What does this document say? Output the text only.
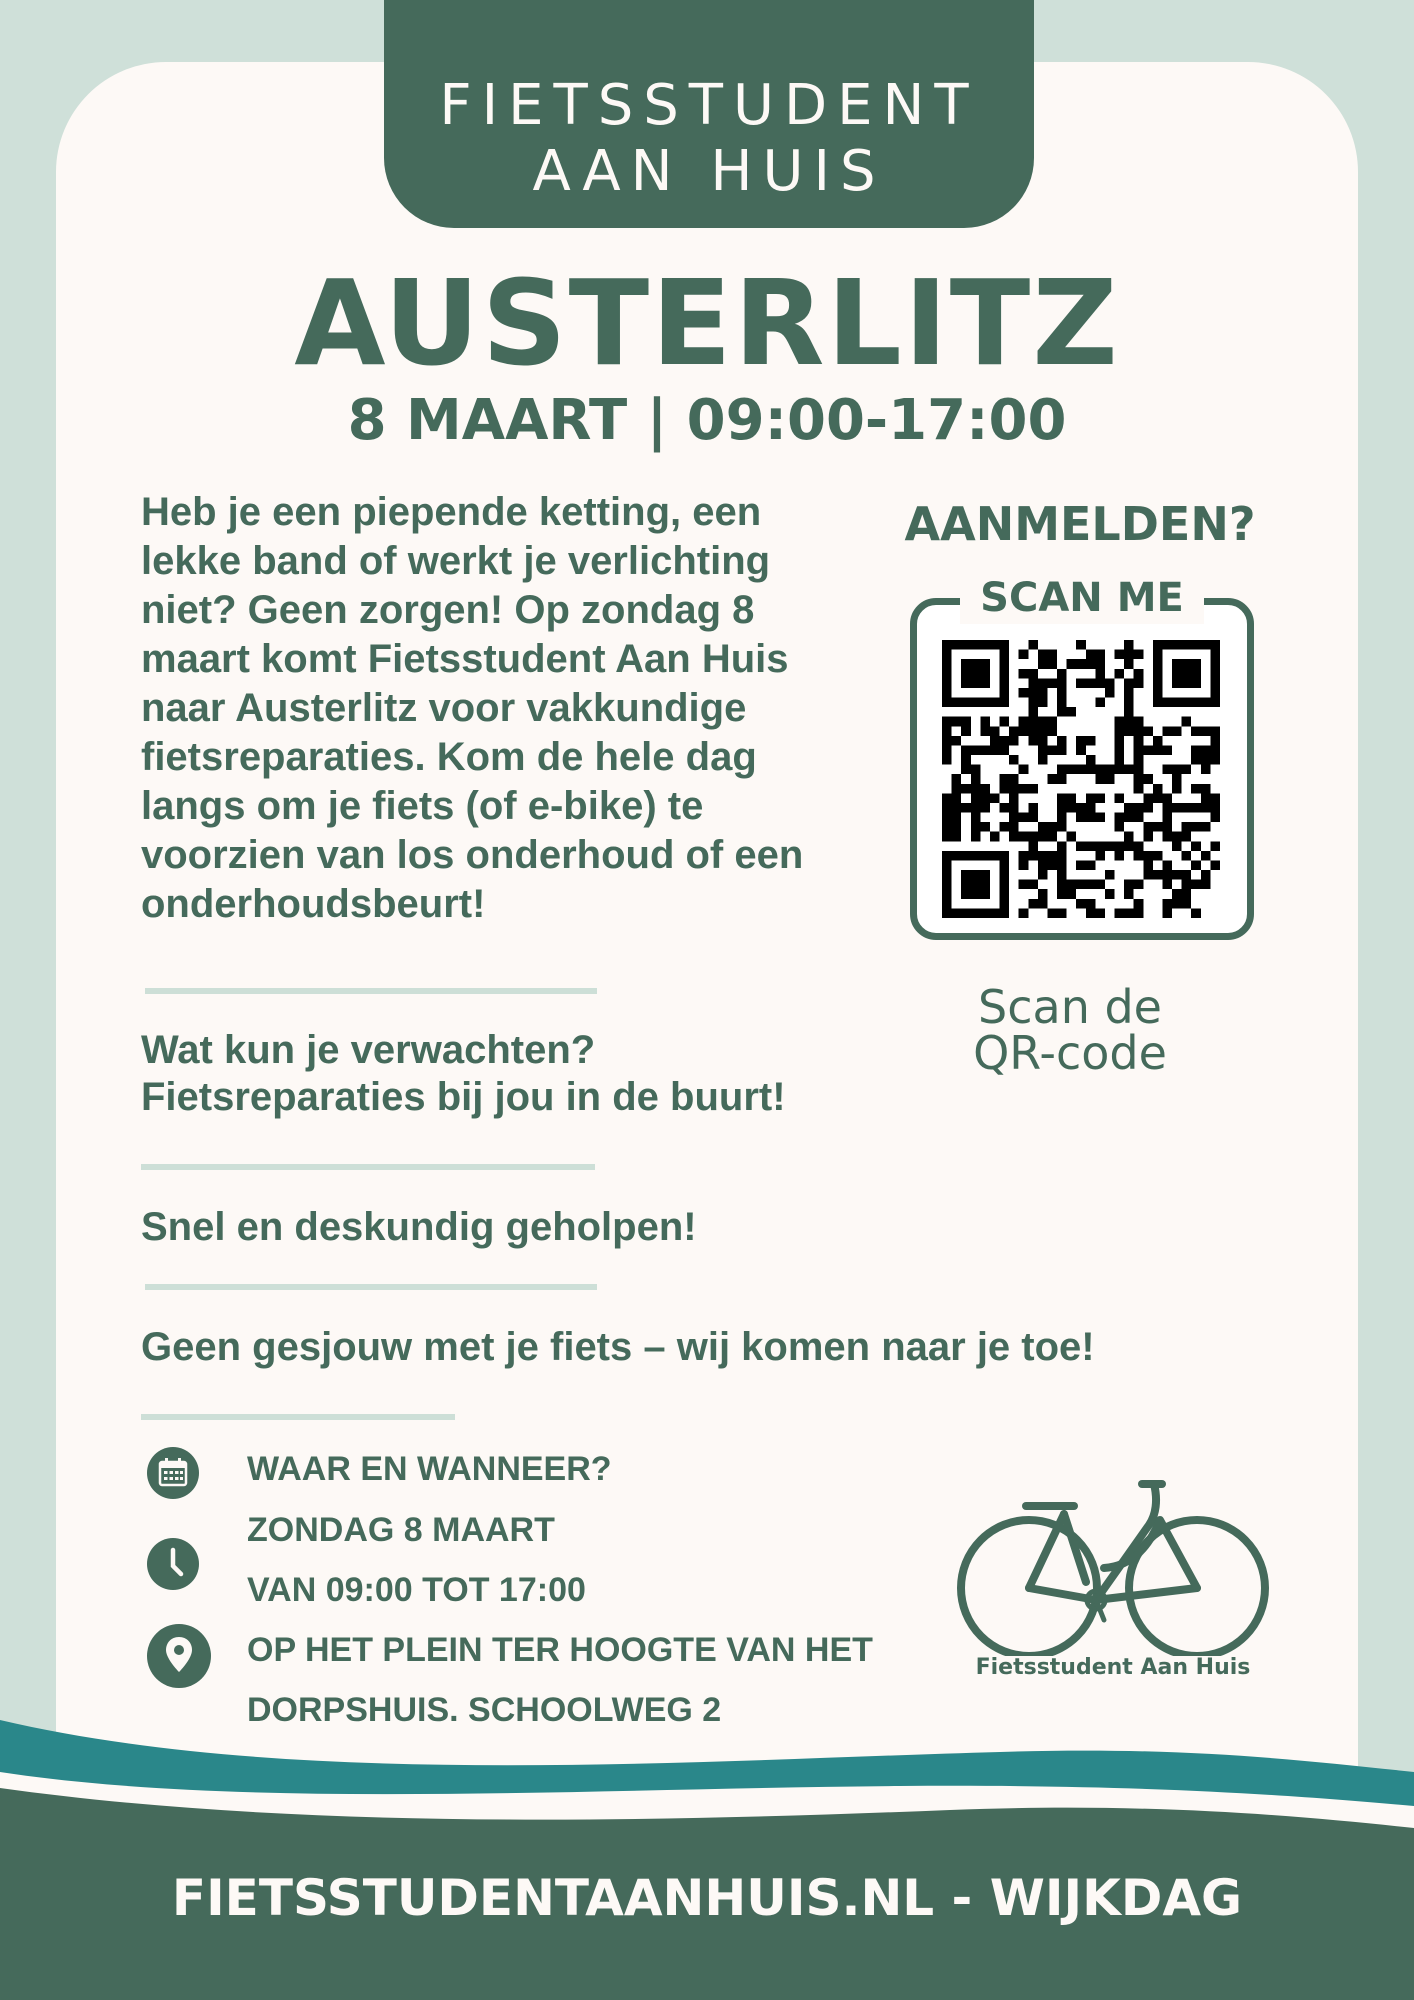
FIETSSTUDENT
AAN HUIS
AUSTERLITZ
8 MAART | 09:00-17:00
Heb je een piepende ketting, een lekke band of werkt je verlichting niet? Geen zorgen! Op zondag 8 maart komt Fietsstudent Aan Huis naar Austerlitz voor vakkundige fietsreparaties. Kom de hele dag langs om je fiets (of e-bike) te voorzien van los onderhoud of een onderhoudsbeurt!
Wat kun je verwachten?
Fietsreparaties bij jou in de buurt!
Snel en deskundig geholpen!
Geen gesjouw met je fiets – wij komen naar je toe!
AANMELDEN?
SCAN ME
Scan de
QR-code
WAAR EN WANNEER?
ZONDAG 8 MAART
VAN 09:00 TOT 17:00
OP HET PLEIN TER HOOGTE VAN HET
DORPSHUIS. SCHOOLWEG 2
Fietsstudent Aan Huis
FIETSSTUDENTAANHUIS.NL - WIJKDAG
